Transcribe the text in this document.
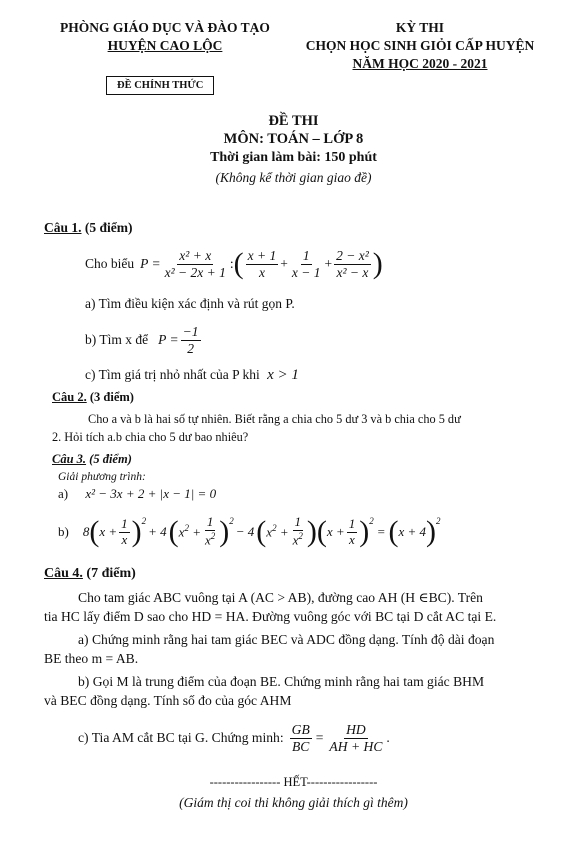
PHÒNG GIÁO DỤC VÀ ĐÀO TẠO
HUYỆN CAO LỘC
KỲ THI
CHỌN HỌC SINH GIỎI CẤP HUYỆN
NĂM HỌC 2020 - 2021
ĐỀ CHÍNH THỨC
ĐỀ THI
MÔN: TOÁN – LỚP 8
Thời gian làm bài: 150 phút
(Không kể thời gian giao đề)
Câu 1. (5 điểm)
Cho biểu $P = \frac{\text{x² + x}}{\text{x² − 2x + 1}}$ : ( $\frac{x + 1}{x} + \frac{1}{x - 1} + \frac{\text{2 − x²}}{\text{x² − x}}$ )
a) Tìm điều kiện xác định và rút gọn P.
b) Tìm x để $P = \frac{-1}{2}$
c) Tìm giá trị nhỏ nhất của P khi x > 1
Câu 2. (3 điểm)
Cho a và b là hai số tự nhiên. Biết rằng a chia cho 5 dư 3 và b chia cho 5 dư
2. Hỏi tích a.b chia cho 5 dư bao nhiêu?
Câu 3. (5 điểm)
Giải phương trình:
a) x² − 3x + 2 + |x − 1| = 0
b) 8 ( $x + \frac{1}{x} )^2$
+ 4 ( $x^2 + \frac{1}{x^2} )^2$
− 4 ( $x^2 + \frac{1}{x^2}$ ) ( $x + \frac{1}{x} )^2$
= ( x + 4 )$^2$
Câu 4. (7 điểm)
Cho tam giác ABC vuông tại A (AC > AB), đường cao AH (H ∈BC). Trên
tia HC lấy điểm D sao cho HD = HA. Đường vuông góc với BC tại D cắt AC tại E.
a) Chứng minh rằng hai tam giác BEC và ADC đồng dạng. Tính độ dài đoạn
BE theo m = AB.
b) Gọi M là trung điểm của đoạn BE. Chứng minh rằng hai tam giác BHM
và BEC đồng dạng. Tính số đo của góc AHM
c) Tia AM cắt BC tại G. Chứng minh: $\frac{GB}{BC} = \frac{HD}{AH + HC}$ .
----------------- HẾT-----------------
(Giám thị coi thi không giải thích gì thêm)
